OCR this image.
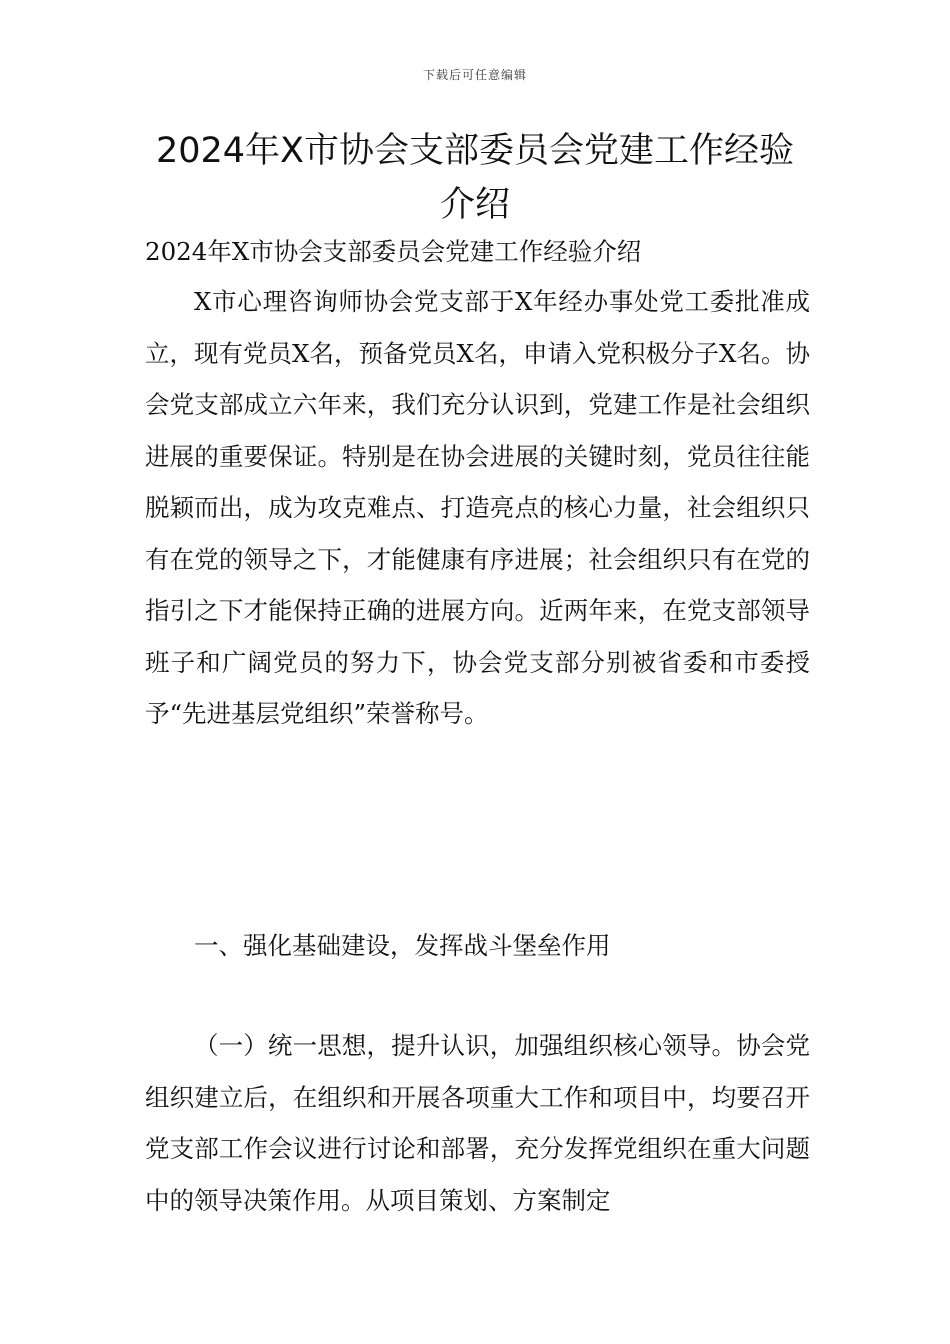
下载后可任意编辑
2024年X市协会支部委员会党建工作经验介绍

2024年X市协会支部委员会党建工作经验介绍

X市心理咨询师协会党支部于X年经办事处党工委批准成立，现有党员X名，预备党员X名，申请入党积极分子X名。协会党支部成立六年来，我们充分认识到，党建工作是社会组织进展的重要保证。特别是在协会进展的关键时刻，党员往往能脱颖而出，成为攻克难点、打造亮点的核心力量，社会组织只有在党的领导之下，才能健康有序进展；社会组织只有在党的指引之下才能保持正确的进展方向。近两年来，在党支部领导班子和广阔党员的努力下，协会党支部分别被省委和市委授予“先进基层党组织”荣誉称号。

一、强化基础建设，发挥战斗堡垒作用

（一）统一思想，提升认识，加强组织核心领导。协会党组织建立后，在组织和开展各项重大工作和项目中，均要召开党支部工作会议进行讨论和部署，充分发挥党组织在重大问题中的领导决策作用。从项目策划、方案制定
